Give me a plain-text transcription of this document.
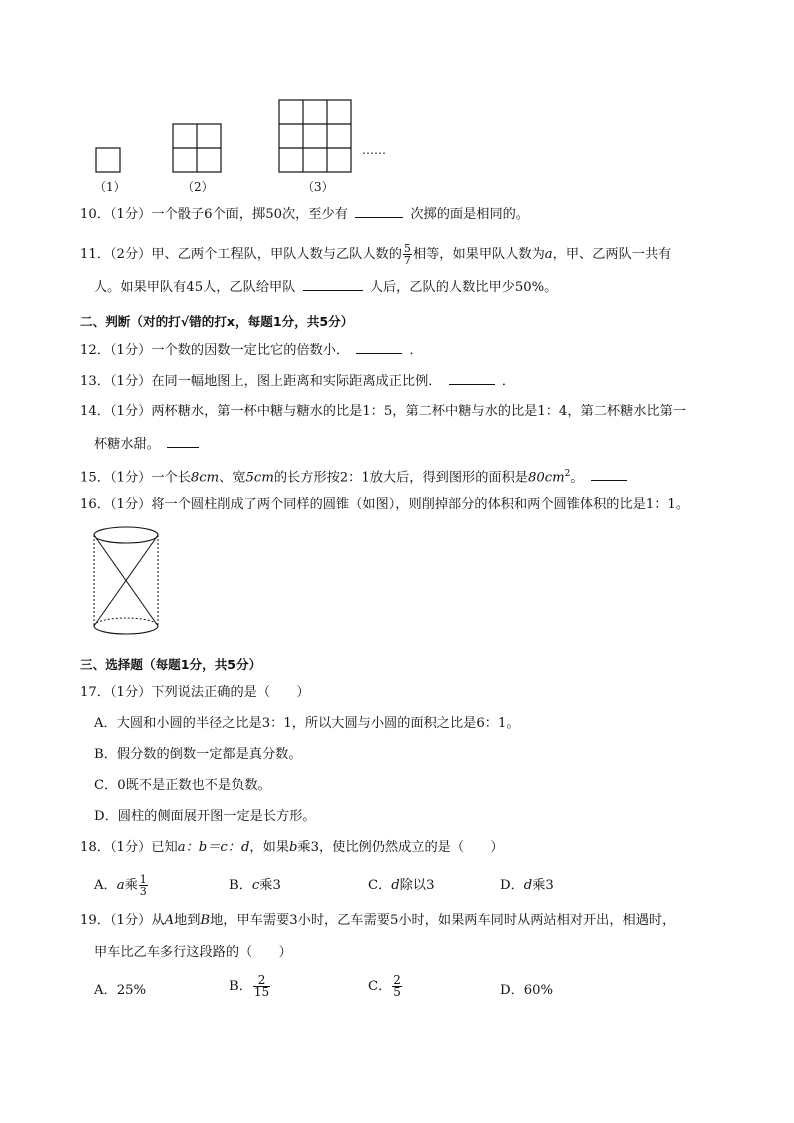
（1）	（2）	（3）
……
10．（1分）一个骰子6个面，掷50次，至少有	次掷的面是相同的。
11．（2分）甲、乙两个工程队，甲队人数与乙队人数的 $\frac{5}{7}$ 相等，如果甲队人数为a，甲、乙两队一共有
人。如果甲队有45人，乙队给甲队	人后，乙队的人数比甲少50%。
二、判断（对的打√错的打x，每题1分，共5分）
12．（1分）一个数的因数一定比它的倍数小．	．
13．（1分）在同一幅地图上，图上距离和实际距离成正比例．	．
14．（1分）两杯糖水，第一杯中糖与糖水的比是1：5，第二杯中糖与水的比是1：4，第二杯糖水比第一
杯糖水甜。
15．（1分）一个长8cm、宽5cm的长方形按2：1放大后，得到图形的面积是$80cm^2$。
16．（1分）将一个圆柱削成了两个同样的圆锥（如图），则削掉部分的体积和两个圆锥体积的比是1：1。
三、选择题（每题1分，共5分）
17．（1分）下列说法正确的是（　　）
A．大圆和小圆的半径之比是3：1，所以大圆与小圆的面积之比是6：1。
B．假分数的倒数一定都是真分数。
C．0既不是正数也不是负数。
D．圆柱的侧面展开图一定是长方形。
18．（1分）已知a：b＝c：d，如果b乘3，使比例仍然成立的是（　　）
A．a乘 $\frac{1}{3}$	B．c乘3	C．d除以3	D．d乘3
19．（1分）从A地到B地，甲车需要3小时，乙车需要5小时，如果两车同时从两站相对开出，相遇时，
甲车比乙车多行这段路的（　　）
A．25%	B． $\frac{2}{15}$	C． $\frac{2}{5}$	D．60%
